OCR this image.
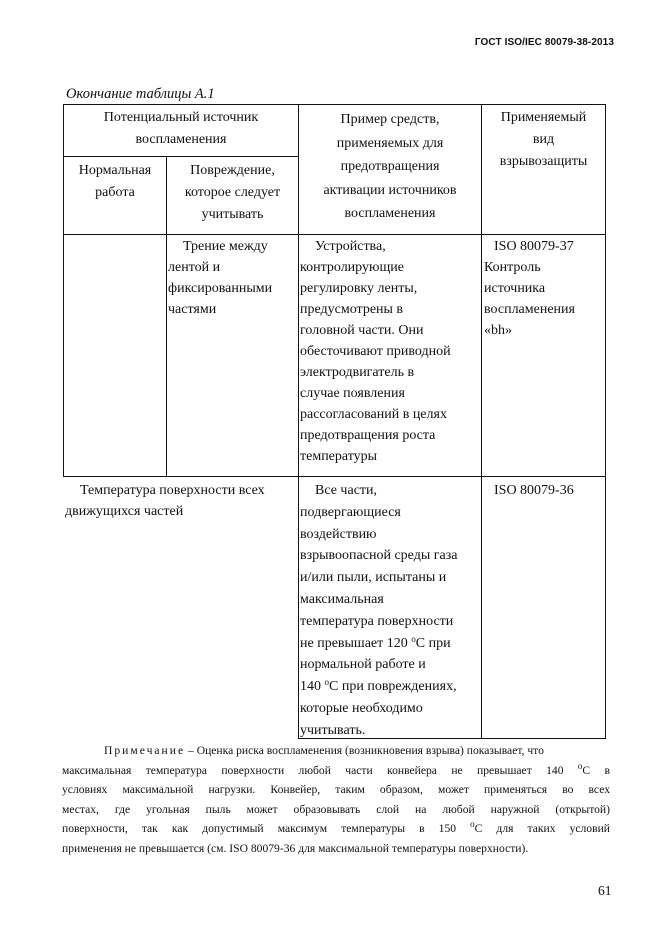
ГОСТ ISO/IEC 80079-38-2013
Окончание таблицы А.1
Потенциальный источник
воспламенения
Нормальная
работа
Повреждение,
которое следует
учитывать
Пример средств,
применяемых для
предотвращения
активации источников
воспламенения
Применяемый
вид
взрывозащиты
Трение между
лентой и
фиксированными
частями
Устройства,
контролирующие
регулировку ленты,
предусмотрены в
головной части. Они
обесточивают приводной
электродвигатель в
случае появления
рассогласований в целях
предотвращения роста
температуры
ISO 80079-37
Контроль
источника
воспламенения
«bh»
Температура поверхности всех
движущихся частей
Все части,
подвергающиеся
воздействию
взрывоопасной среды газа
и/или пыли, испытаны и
максимальная
температура поверхности
не превышает 120 $^o$С при
нормальной работе и
140 $^o$С при повреждениях,
которые необходимо
учитывать.
ISO 80079-36
Примечание – Оценка риска воспламенения (возникновения взрыва) показывает, что
максимальная температура поверхности любой части конвейера не превышает 140 $^o$С в
условиях максимальной нагрузки. Конвейер, таким образом, может применяться во всех
местах, где угольная пыль может образовывать слой на любой наружной (открытой)
поверхности, так как допустимый максимум температуры в 150 $^o$С для таких условий
применения не превышается (см. ISO 80079-36 для максимальной температуры поверхности).
61
